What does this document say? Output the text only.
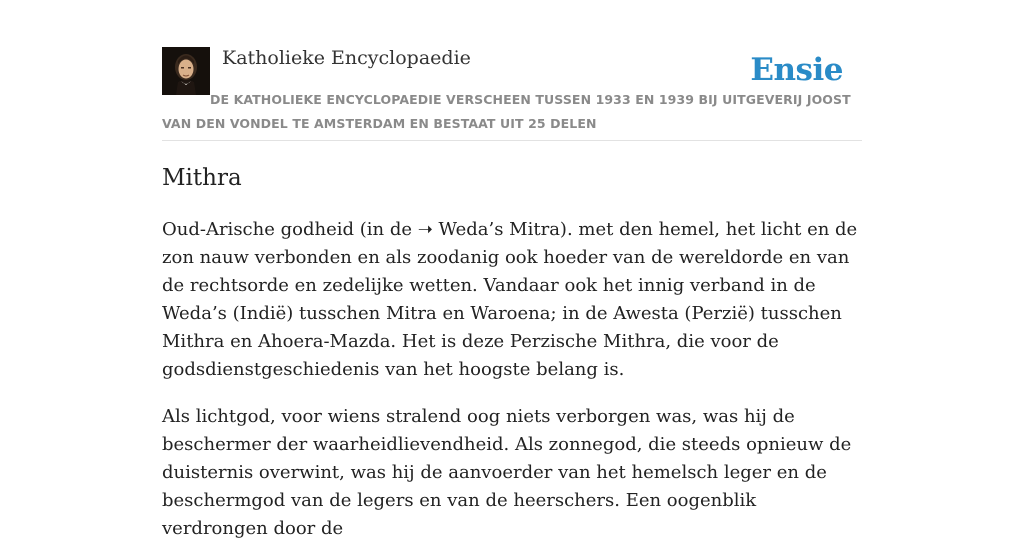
Katholieke Encyclopaedie	Ensie

DE KATHOLIEKE ENCYCLOPAEDIE VERSCHEEN TUSSEN 1933 EN 1939 BIJ UITGEVERIJ JOOST VAN DEN VONDEL TE AMSTERDAM EN BESTAAT UIT 25 DELEN

Mithra

Oud-Arische godheid (in de ➝ Weda’s Mitra). met den hemel, het licht en de zon nauw verbonden en als zoodanig ook hoeder van de wereldorde en van de rechtsorde en zedelijke wetten. Vandaar ook het innig verband in de Weda’s (Indië) tusschen Mitra en Waroena; in de Awesta (Perzië) tusschen Mithra en Ahoera-Mazda. Het is deze Perzische Mithra, die voor de godsdienstgeschiedenis van het hoogste belang is.

Als lichtgod, voor wiens stralend oog niets verborgen was, was hij de beschermer der waarheidlievendheid. Als zonnegod, die steeds opnieuw de duisternis overwint, was hij de aanvoerder van het hemelsch leger en de beschermgod van de legers en van de heerschers. Een oogenblik verdrongen door de
